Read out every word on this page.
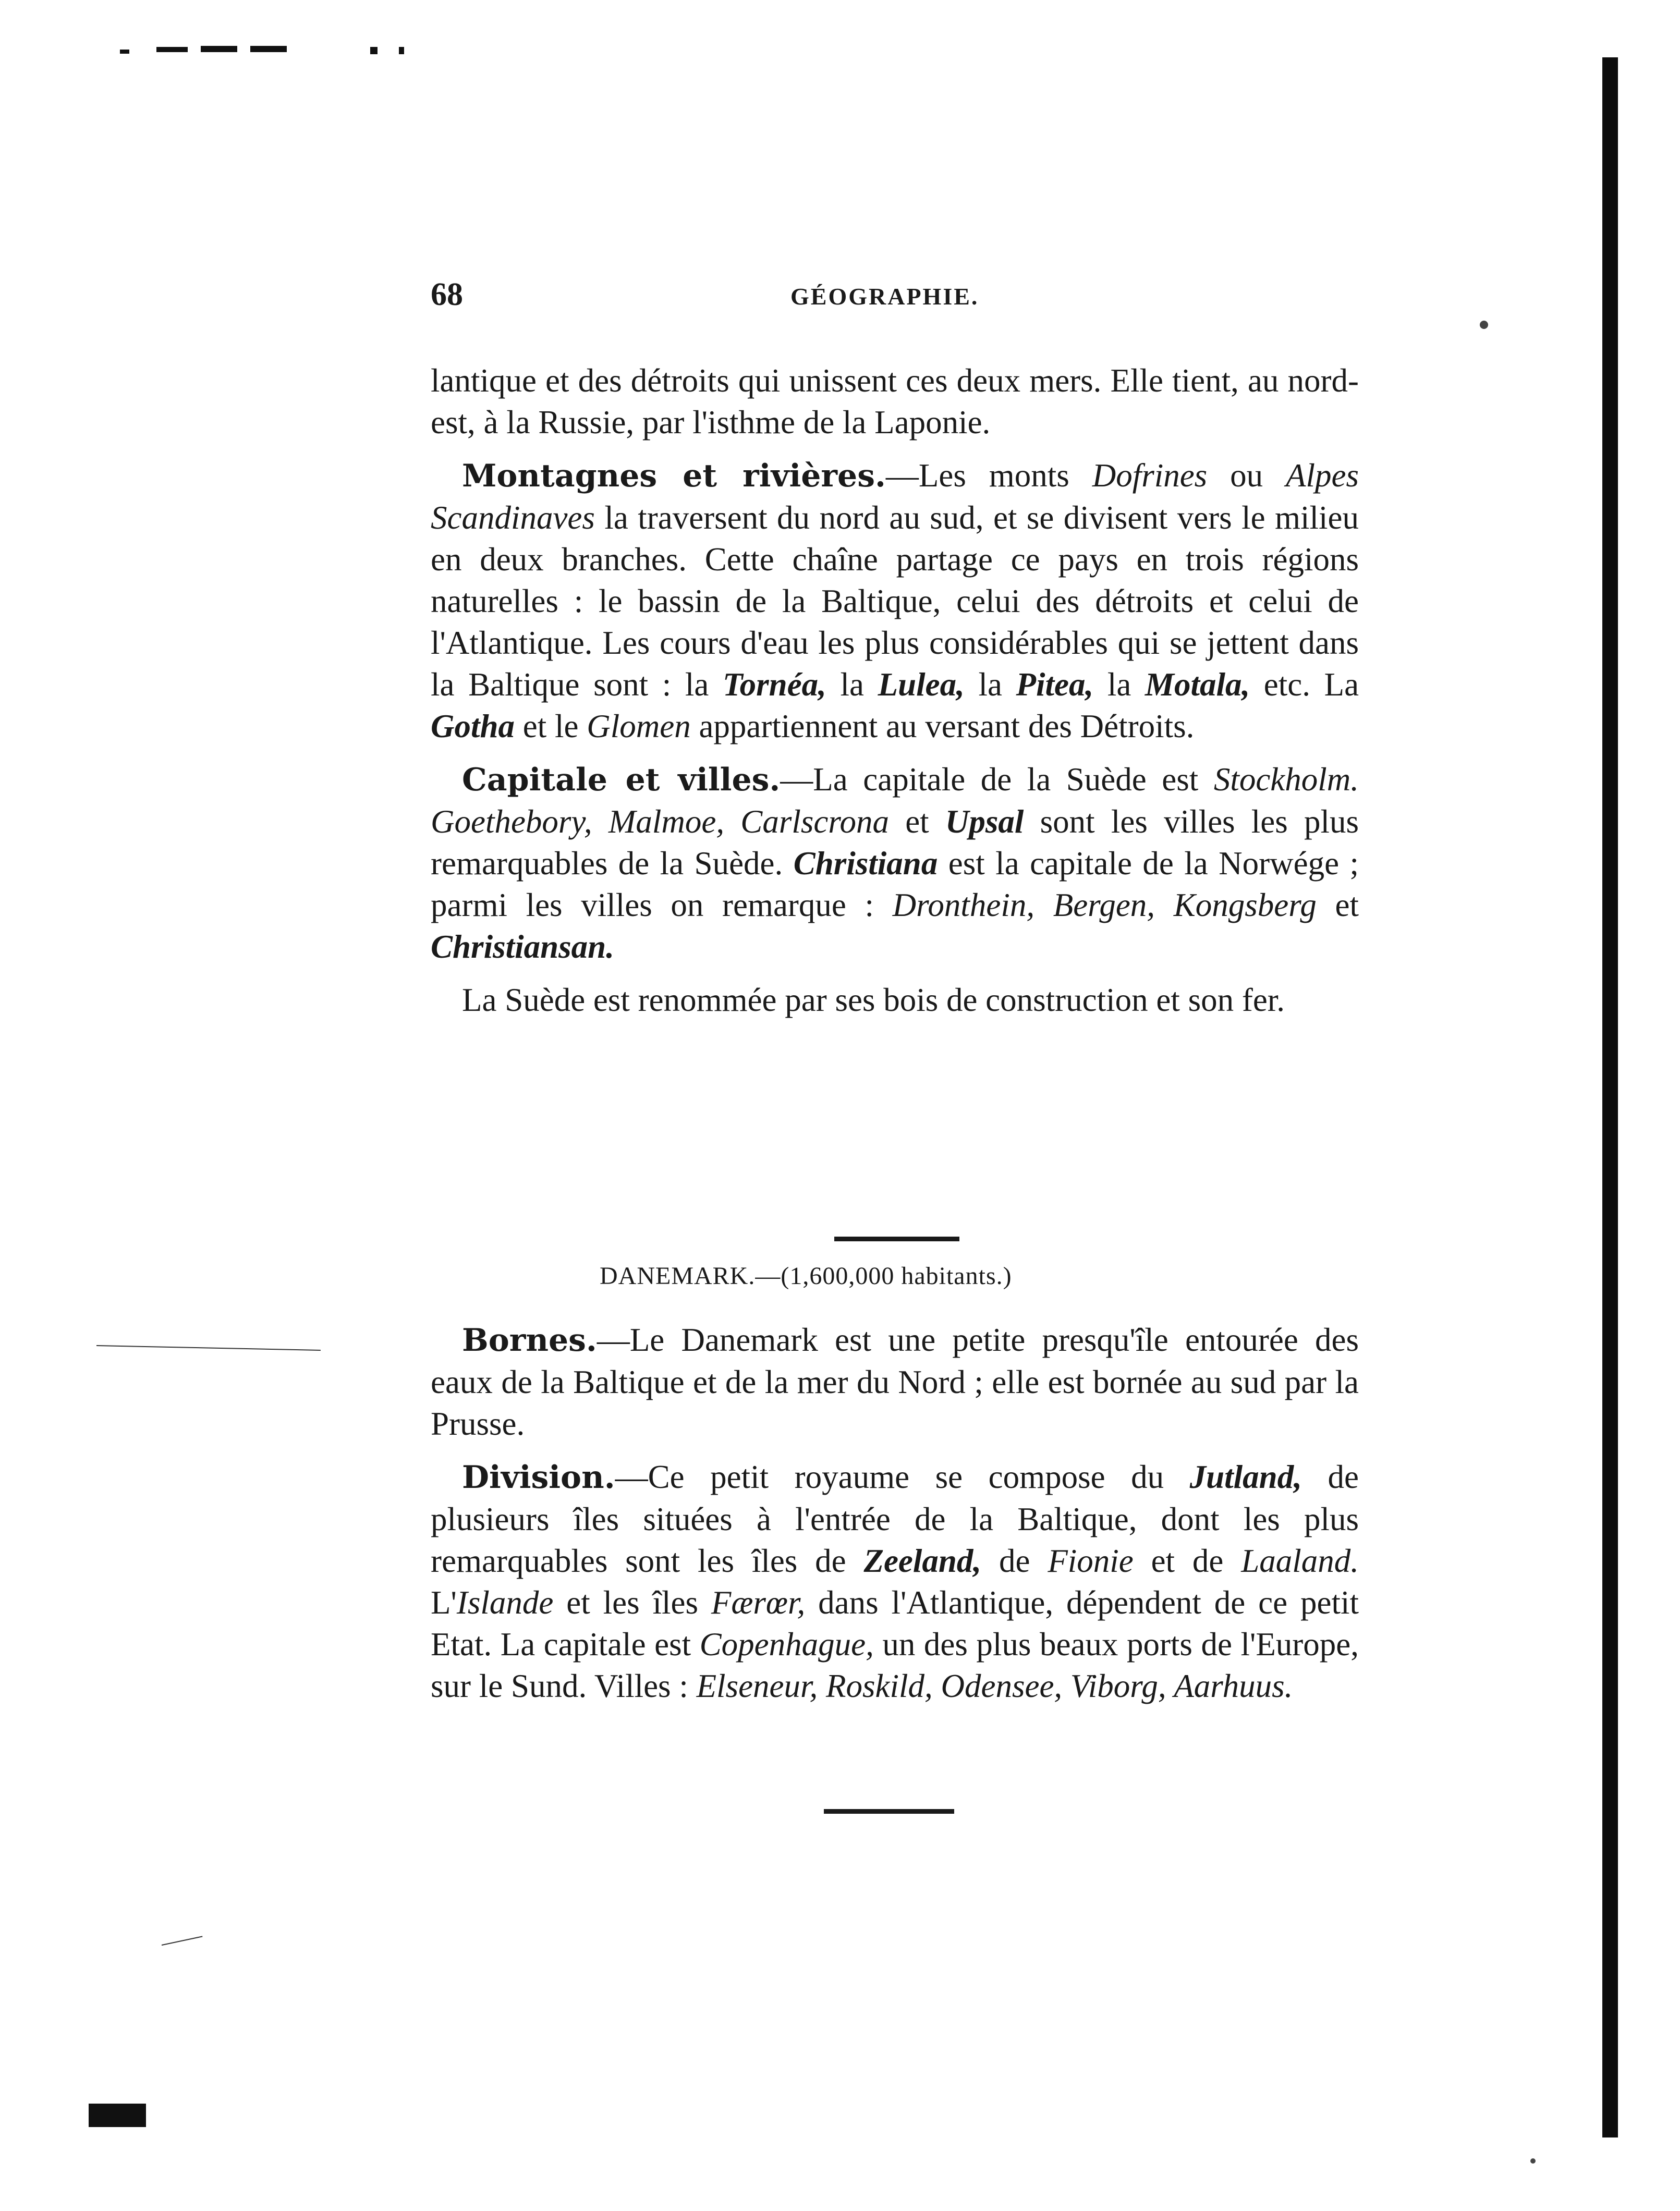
68	GÉOGRAPHIE.

lantique et des détroits qui unissent ces deux mers. Elle tient, au nord-est, à la Russie, par l'isthme de la Laponie.

Montagnes et rivières.—Les monts Dofrines ou Alpes Scandinaves la traversent du nord au sud, et se divisent vers le milieu en deux branches. Cette chaîne partage ce pays en trois régions naturelles : le bassin de la Baltique, celui des détroits et celui de l'Atlantique. Les cours d'eau les plus considérables qui se jettent dans la Baltique sont : la Tornéa, la Lulea, la Pitea, la Motala, etc. La Gotha et le Glomen appartiennent au versant des Détroits.

Capitale et villes.—La capitale de la Suède est Stockholm. Goethebory, Malmoe, Carlscrona et Upsal sont les villes les plus remarquables de la Suède. Christiana est la capitale de la Norwége ; parmi les villes on remarque : Dronthein, Bergen, Kongsberg et Christiansan.

La Suède est renommée par ses bois de construction et son fer.

DANEMARK.—(1,600,000 habitants.)

Bornes.—Le Danemark est une petite presqu'île entourée des eaux de la Baltique et de la mer du Nord ; elle est bornée au sud par la Prusse.

Division.—Ce petit royaume se compose du Jutland, de plusieurs îles situées à l'entrée de la Baltique, dont les plus remarquables sont les îles de Zeeland, de Fionie et de Laaland. L'Islande et les îles Færœr, dans l'Atlantique, dépendent de ce petit Etat. La capitale est Copenhague, un des plus beaux ports de l'Europe, sur le Sund. Villes : Elseneur, Roskild, Odensee, Viborg, Aarhuus.
